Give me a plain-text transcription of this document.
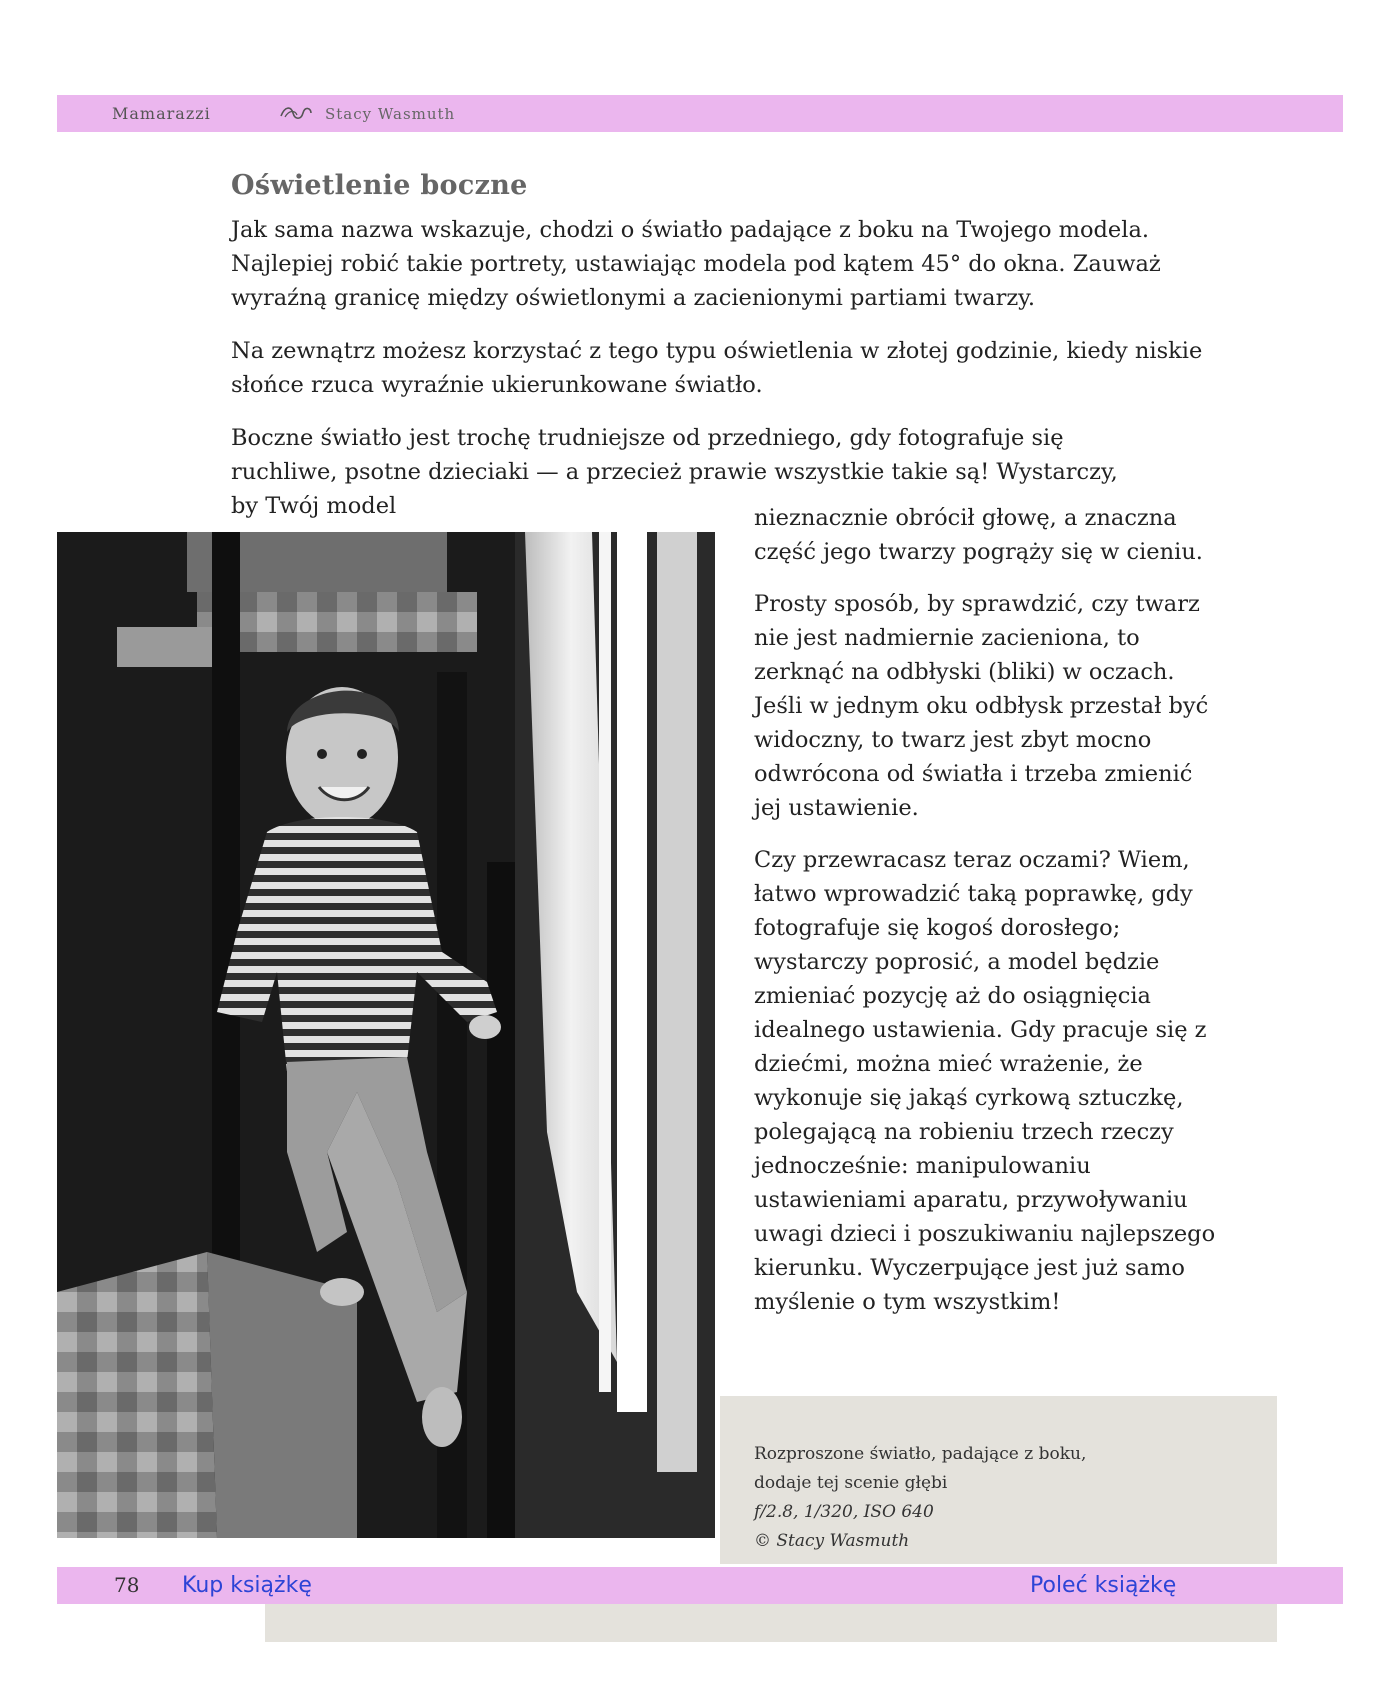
Mamarazzi	Stacy Wasmuth
Oświetlenie boczne

Jak sama nazwa wskazuje, chodzi o światło padające z boku na Twojego modela. Najlepiej robić takie portrety, ustawiając modela pod kątem 45° do okna. Zauważ wyraźną granicę między oświetlonymi a zacienionymi partiami twarzy.

Na zewnątrz możesz korzystać z tego typu oświetlenia w złotej godzinie, kiedy niskie słońce rzuca wyraźnie ukierunkowane światło.

Boczne światło jest trochę trudniejsze od przedniego, gdy fotografuje się ruchliwe, psotne dzieciaki — a przecież prawie wszystkie takie są! Wystarczy, by Twój model	nieznacznie obrócił głowę, a znaczna część jego twarzy pogrąży się w cieniu.

Prosty sposób, by sprawdzić, czy twarz nie jest nadmiernie zacieniona, to zerknąć na odbłyski (bliki) w oczach. Jeśli w jednym oku odbłysk przestał być widoczny, to twarz jest zbyt mocno odwrócona od światła i trzeba zmienić jej ustawienie.

Czy przewracasz teraz oczami? Wiem, łatwo wprowadzić taką poprawkę, gdy fotografuje się kogoś dorosłego; wystarczy poprosić, a model będzie zmieniać pozycję aż do osiągnięcia idealnego ustawienia. Gdy pracuje się z dziećmi, można mieć wrażenie, że wykonuje się jakąś cyrkową sztuczkę, polegającą na robieniu trzech rzeczy jednocześnie: manipulowaniu ustawieniami aparatu, przywoływaniu uwagi dzieci i poszukiwaniu najlepszego kierunku. Wyczerpujące jest już samo myślenie o tym wszystkim!

Rozproszone światło, padające z boku,
dodaje tej scenie głębi
f/2.8, 1/320, ISO 640
© Stacy Wasmuth
78 Kup książkę	Poleć książkę
